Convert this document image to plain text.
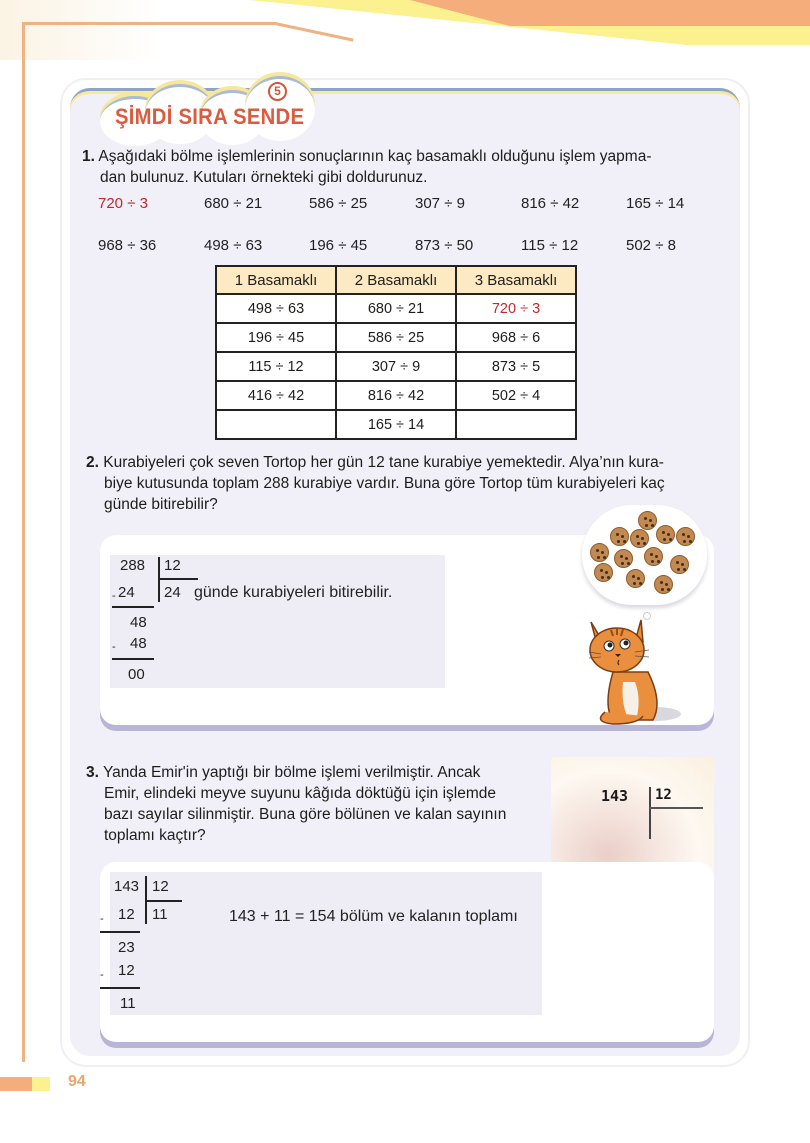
5
ŞİMDİ SIRA SENDE
1. Aşağıdaki bölme işlemlerinin sonuçlarının kaç basamaklı olduğunu işlem yapma-
dan bulunuz. Kutuları örnekteki gibi doldurunuz.
720 ÷ 3	680 ÷ 21	586 ÷ 25	307 ÷ 9	816 ÷ 42	165 ÷ 14
968 ÷ 36	498 ÷ 63	196 ÷ 45	873 ÷ 50	115 ÷ 12	502 ÷ 8
1 Basamaklı	2 Basamaklı	3 Basamaklı
498 ÷ 63	680 ÷ 21	720 ÷ 3
196 ÷ 45	586 ÷ 25	968 ÷ 6
115 ÷ 12	307 ÷ 9	873 ÷ 5
416 ÷ 42	816 ÷ 42	502 ÷ 4
	165 ÷ 14	
2. Kurabiyeleri çok seven Tortop her gün 12 tane kurabiye yemektedir. Alya’nın kura-
biye kutusunda toplam 288 kurabiye vardır. Buna göre Tortop tüm kurabiyeleri kaç
günde bitirebilir?
288 12
24
-	24 günde kurabiyeleri bitirebilir.
48
48
-
00
3. Yanda Emir'in yaptığı bir bölme işlemi verilmiştir. Ancak
Emir, elindeki meyve suyunu kâğıda döktüğü için işlemde
bazı sayılar silinmiştir. Buna göre bölünen ve kalan sayının
toplamı kaçtır?
143 12
143 12
12
-	11	143 + 11 = 154 bölüm ve kalanın toplamı
23
12
-
11
94
